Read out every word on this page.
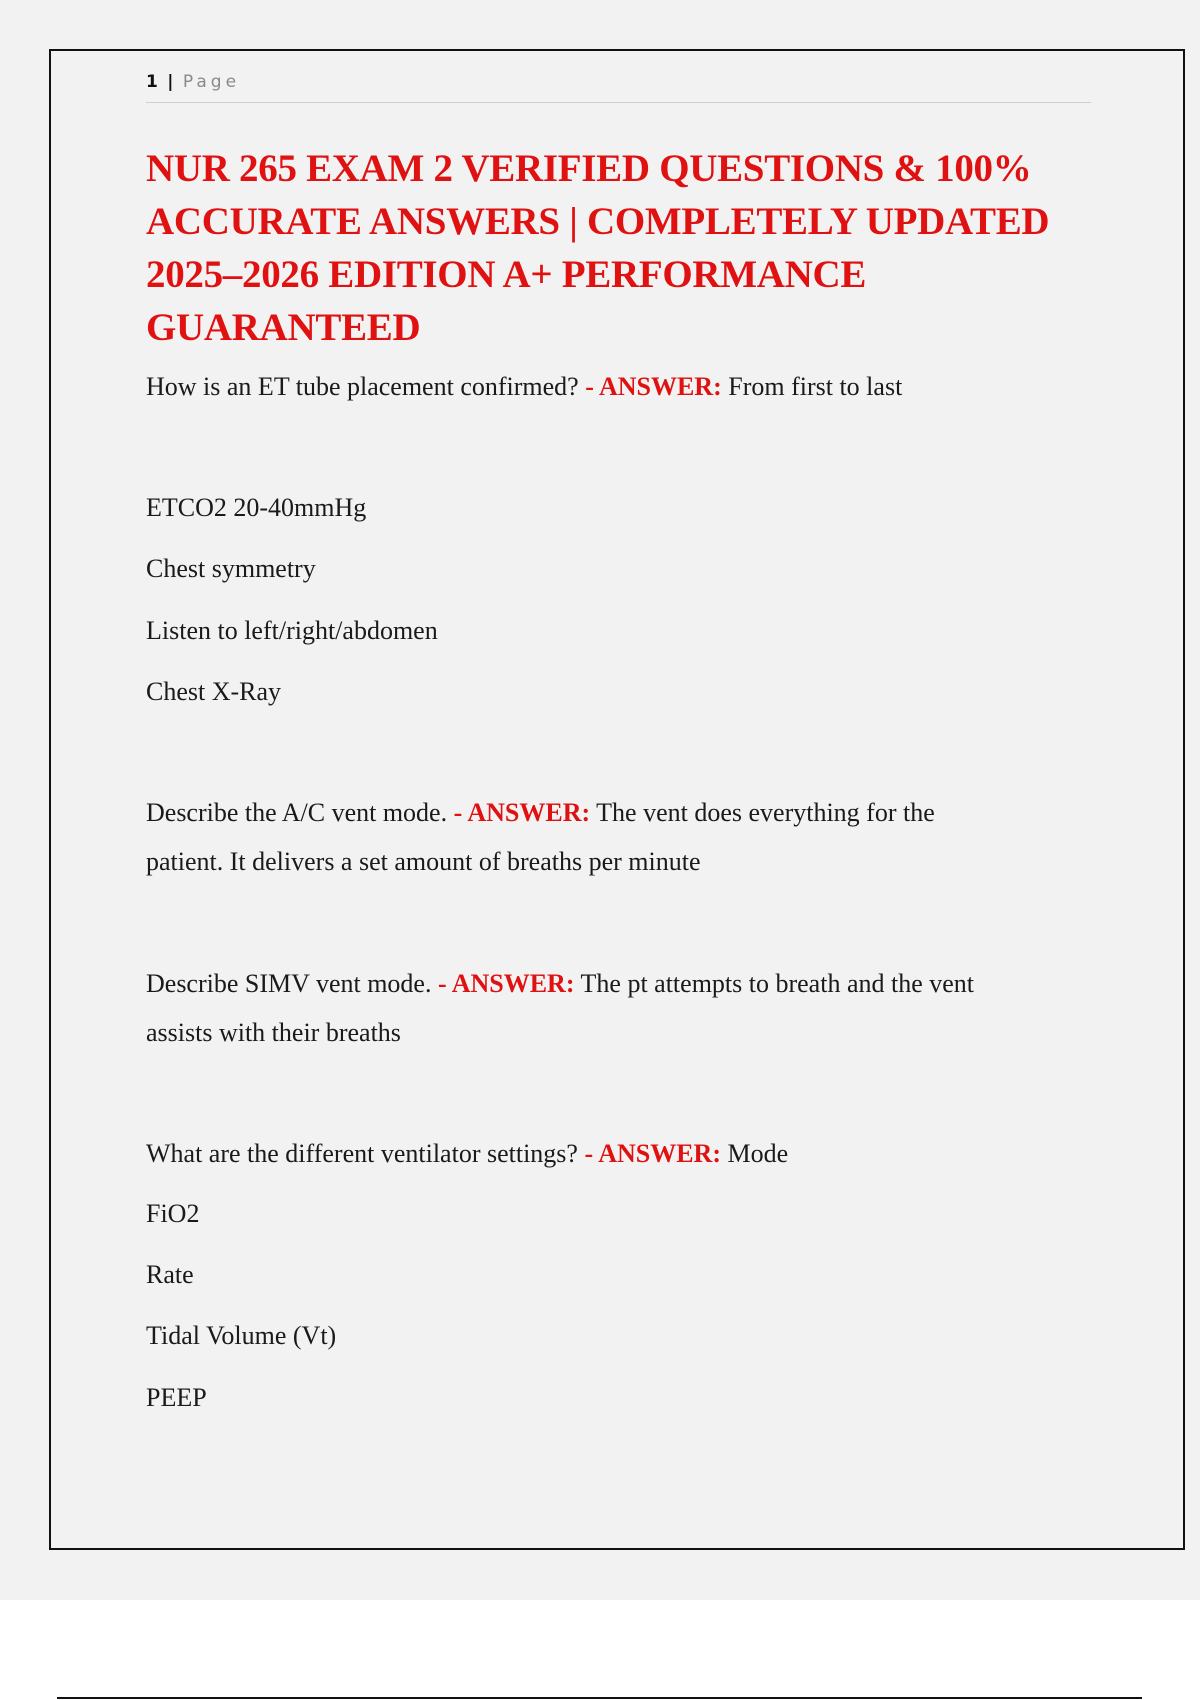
1 | Page
NUR 265 EXAM 2 VERIFIED QUESTIONS & 100% ACCURATE ANSWERS | COMPLETELY UPDATED 2025–2026 EDITION A+ PERFORMANCE GUARANTEED
How is an ET tube placement confirmed? - ANSWER: From first to last
ETCO2 20-40mmHg
Chest symmetry
Listen to left/right/abdomen
Chest X-Ray
Describe the A/C vent mode. - ANSWER: The vent does everything for the
patient. It delivers a set amount of breaths per minute
Describe SIMV vent mode. - ANSWER: The pt attempts to breath and the vent
assists with their breaths
What are the different ventilator settings? - ANSWER: Mode
FiO2
Rate
Tidal Volume (Vt)
PEEP
